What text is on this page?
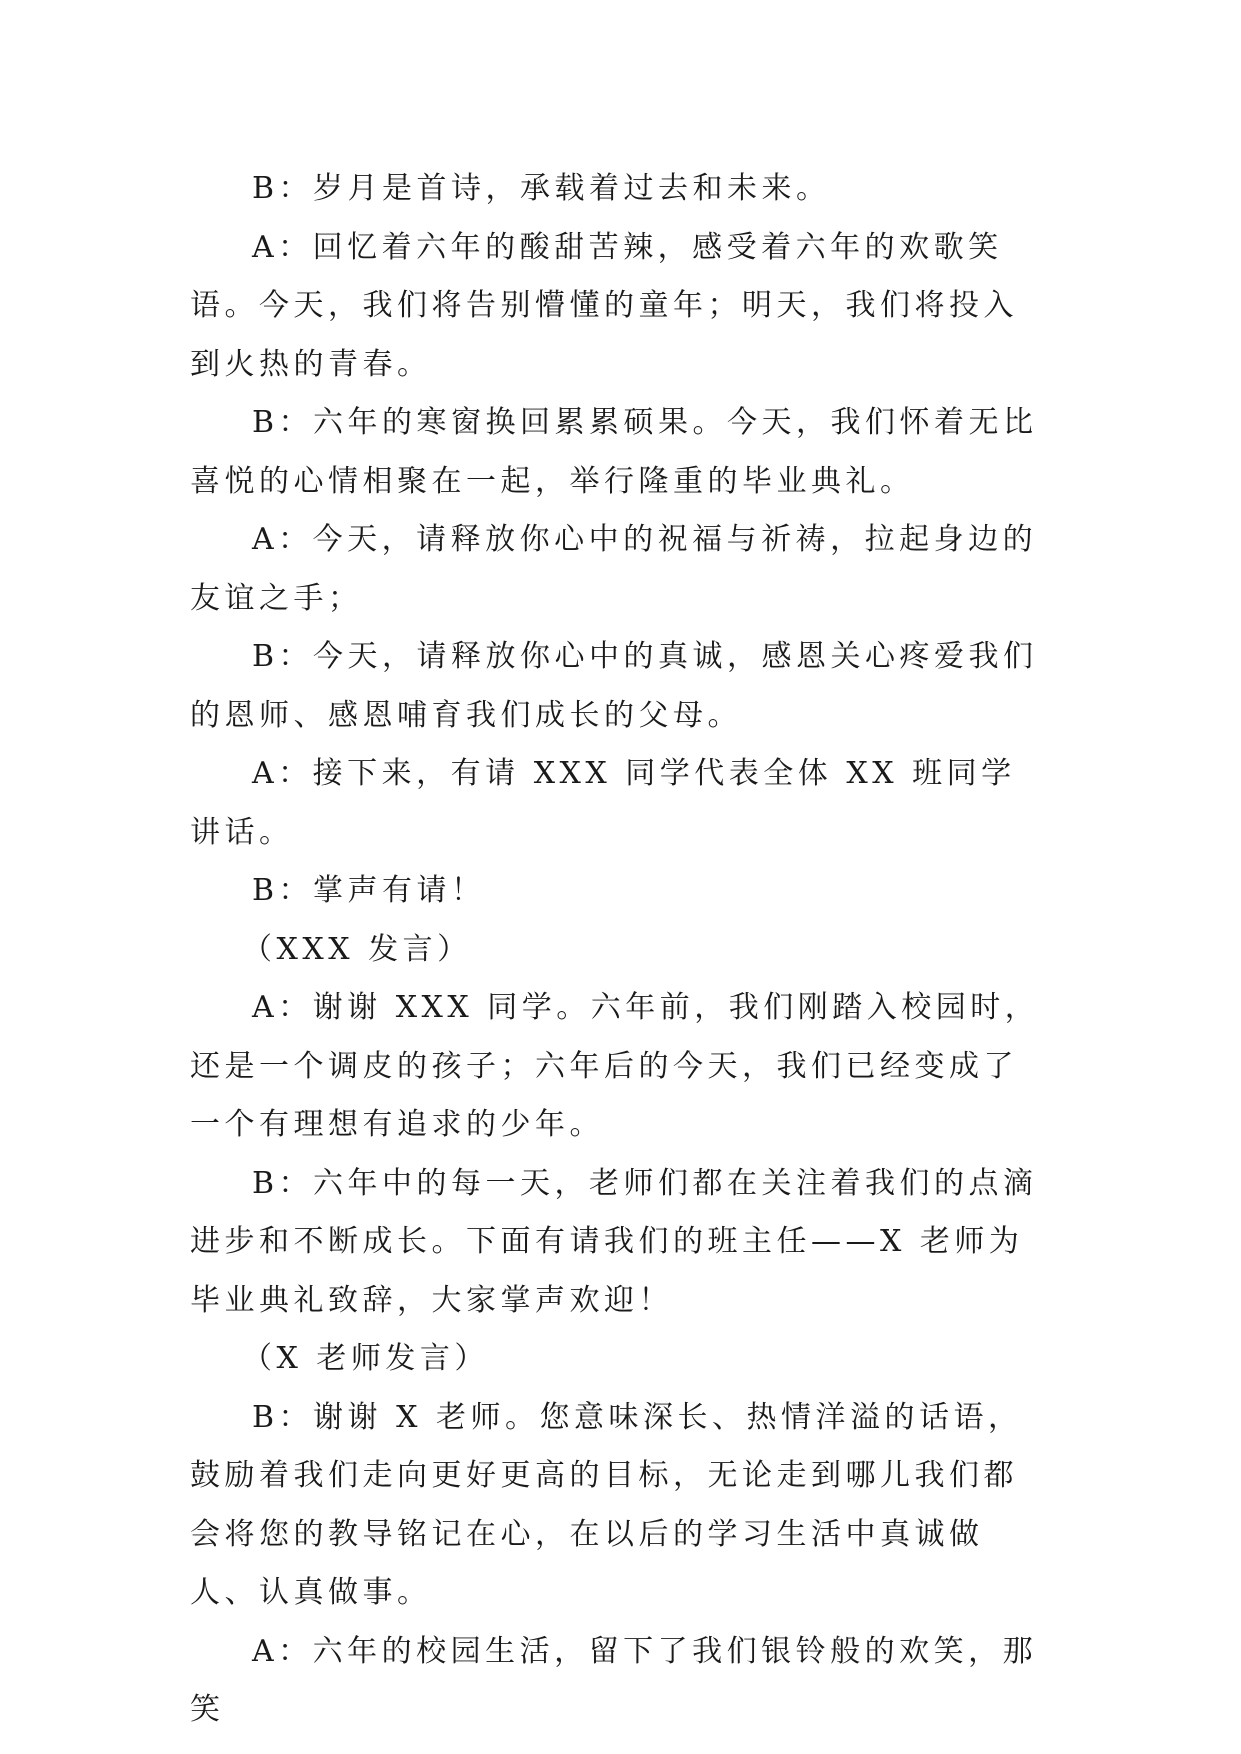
B：岁月是首诗，承载着过去和未来。

A：回忆着六年的酸甜苦辣，感受着六年的欢歌笑语。今天，我们将告别懵懂的童年；明天，我们将投入到火热的青春。

B：六年的寒窗换回累累硕果。今天，我们怀着无比喜悦的心情相聚在一起，举行隆重的毕业典礼。

A：今天，请释放你心中的祝福与祈祷，拉起身边的友谊之手；

B：今天，请释放你心中的真诚，感恩关心疼爱我们的恩师、感恩哺育我们成长的父母。

A：接下来，有请 XXX 同学代表全体 XX 班同学讲话。

B：掌声有请！

（XXX 发言）

A：谢谢 XXX 同学。六年前，我们刚踏入校园时，还是一个调皮的孩子；六年后的今天，我们已经变成了一个有理想有追求的少年。

B：六年中的每一天，老师们都在关注着我们的点滴进步和不断成长。下面有请我们的班主任——X 老师为毕业典礼致辞，大家掌声欢迎！

（X 老师发言）

B：谢谢 X 老师。您意味深长、热情洋溢的话语，鼓励着我们走向更好更高的目标，无论走到哪儿我们都会将您的教导铭记在心，在以后的学习生活中真诚做人、认真做事。

A：六年的校园生活，留下了我们银铃般的欢笑，那笑
